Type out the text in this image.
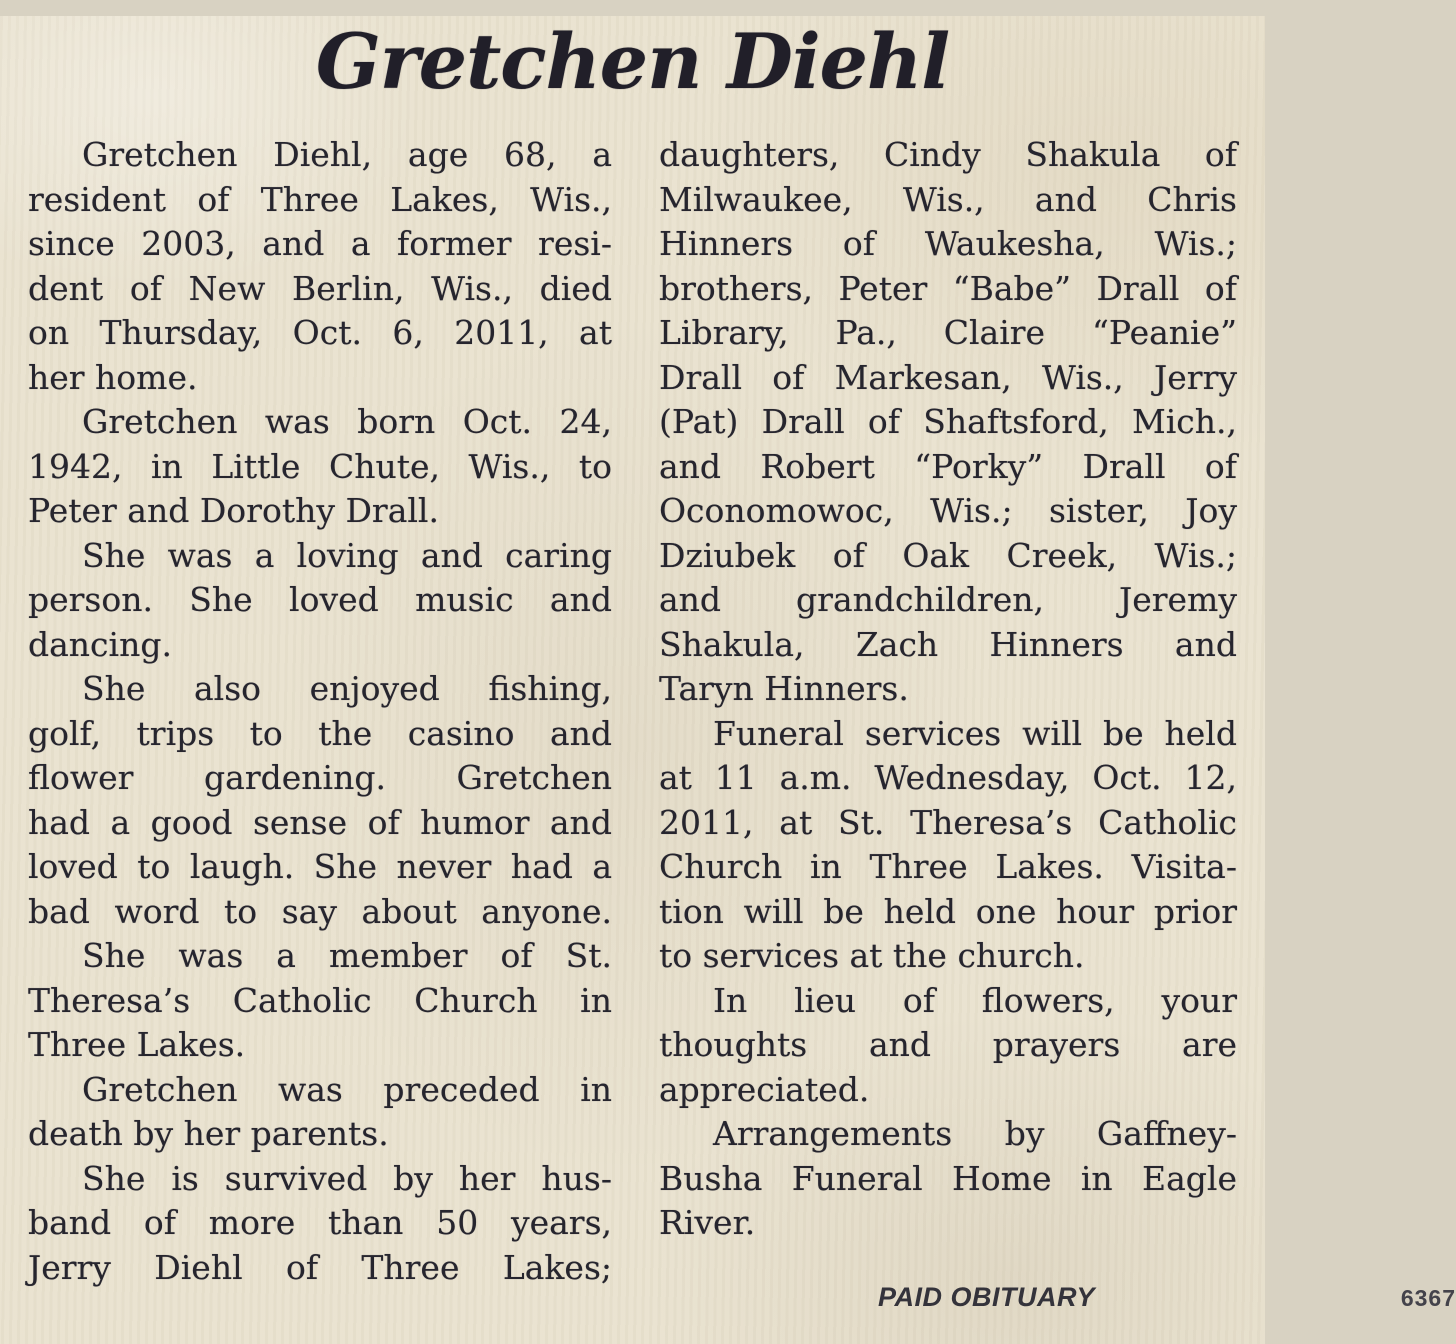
Gretchen Diehl
Gretchen Diehl, age 68, a
resident of Three Lakes, Wis.,
since 2003, and a former resi-
dent of New Berlin, Wis., died
on Thursday, Oct. 6, 2011, at
her home.
Gretchen was born Oct. 24,
1942, in Little Chute, Wis., to
Peter and Dorothy Drall.
She was a loving and caring
person. She loved music and
dancing.
She also enjoyed fishing,
golf, trips to the casino and
flower gardening. Gretchen
had a good sense of humor and
loved to laugh. She never had a
bad word to say about anyone.
She was a member of St.
Theresa’s Catholic Church in
Three Lakes.
Gretchen was preceded in
death by her parents.
She is survived by her hus-
band of more than 50 years,
Jerry Diehl of Three Lakes;
daughters, Cindy Shakula of
Milwaukee, Wis., and Chris
Hinners of Waukesha, Wis.;
brothers, Peter “Babe” Drall of
Library, Pa., Claire “Peanie”
Drall of Markesan, Wis., Jerry
(Pat) Drall of Shaftsford, Mich.,
and Robert “Porky” Drall of
Oconomowoc, Wis.; sister, Joy
Dziubek of Oak Creek, Wis.;
and grandchildren, Jeremy
Shakula, Zach Hinners and
Taryn Hinners.
Funeral services will be held
at 11 a.m. Wednesday, Oct. 12,
2011, at St. Theresa’s Catholic
Church in Three Lakes. Visita-
tion will be held one hour prior
to services at the church.
In lieu of flowers, your
thoughts and prayers are
appreciated.
Arrangements by Gaffney-
Busha Funeral Home in Eagle
River.
PAID OBITUARY	6367
